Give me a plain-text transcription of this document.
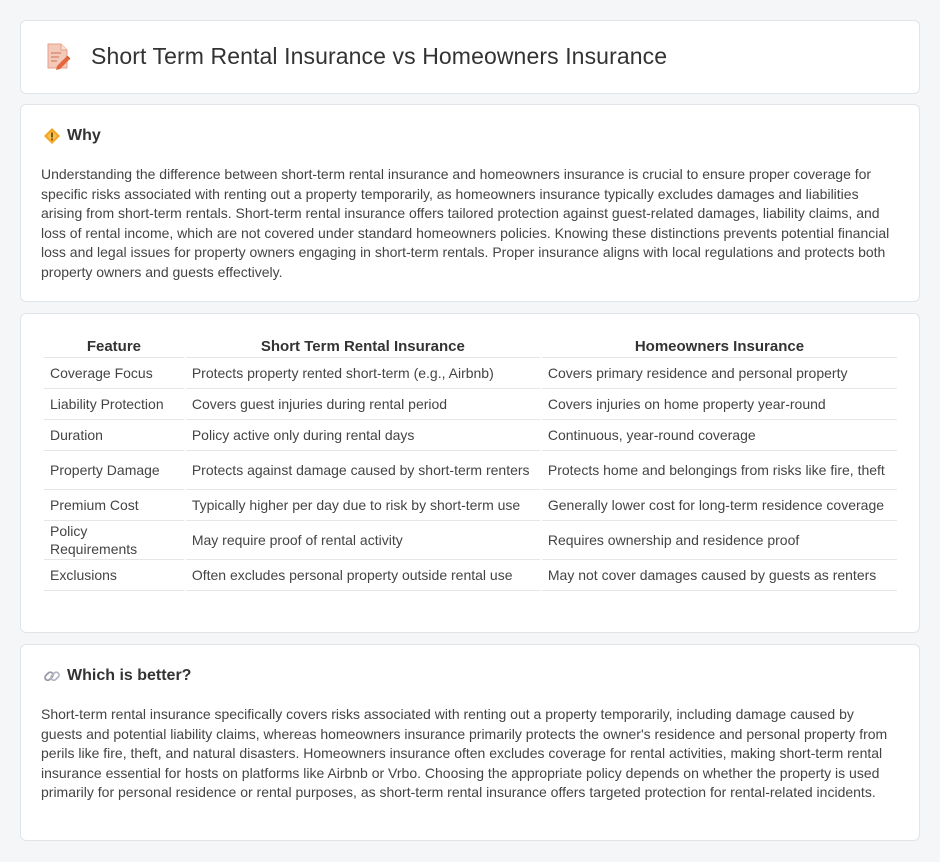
Short Term Rental Insurance vs Homeowners Insurance
Why

Understanding the difference between short-term rental insurance and homeowners insurance is crucial to ensure proper coverage for specific risks associated with renting out a property temporarily, as homeowners insurance typically excludes damages and liabilities arising from short-term rentals. Short-term rental insurance offers tailored protection against guest-related damages, liability claims, and loss of rental income, which are not covered under standard homeowners policies. Knowing these distinctions prevents potential financial loss and legal issues for property owners engaging in short-term rentals. Proper insurance aligns with local regulations and protects both property owners and guests effectively.

Feature	Short Term Rental Insurance	Homeowners Insurance
Coverage Focus	Protects property rented short-term (e.g., Airbnb)	Covers primary residence and personal property
Liability Protection	Covers guest injuries during rental period	Covers injuries on home property year-round
Duration	Policy active only during rental days	Continuous, year-round coverage
Property Damage	Protects against damage caused by short-term renters	Protects home and belongings from risks like fire, theft
Premium Cost	Typically higher per day due to risk by short-term use	Generally lower cost for long-term residence coverage
Policy Requirements	May require proof of rental activity	Requires ownership and residence proof
Exclusions	Often excludes personal property outside rental use	May not cover damages caused by guests as renters
Which is better?

Short-term rental insurance specifically covers risks associated with renting out a property temporarily, including damage caused by guests and potential liability claims, whereas homeowners insurance primarily protects the owner's residence and personal property from perils like fire, theft, and natural disasters. Homeowners insurance often excludes coverage for rental activities, making short-term rental insurance essential for hosts on platforms like Airbnb or Vrbo. Choosing the appropriate policy depends on whether the property is used primarily for personal residence or rental purposes, as short-term rental insurance offers targeted protection for rental-related incidents.
